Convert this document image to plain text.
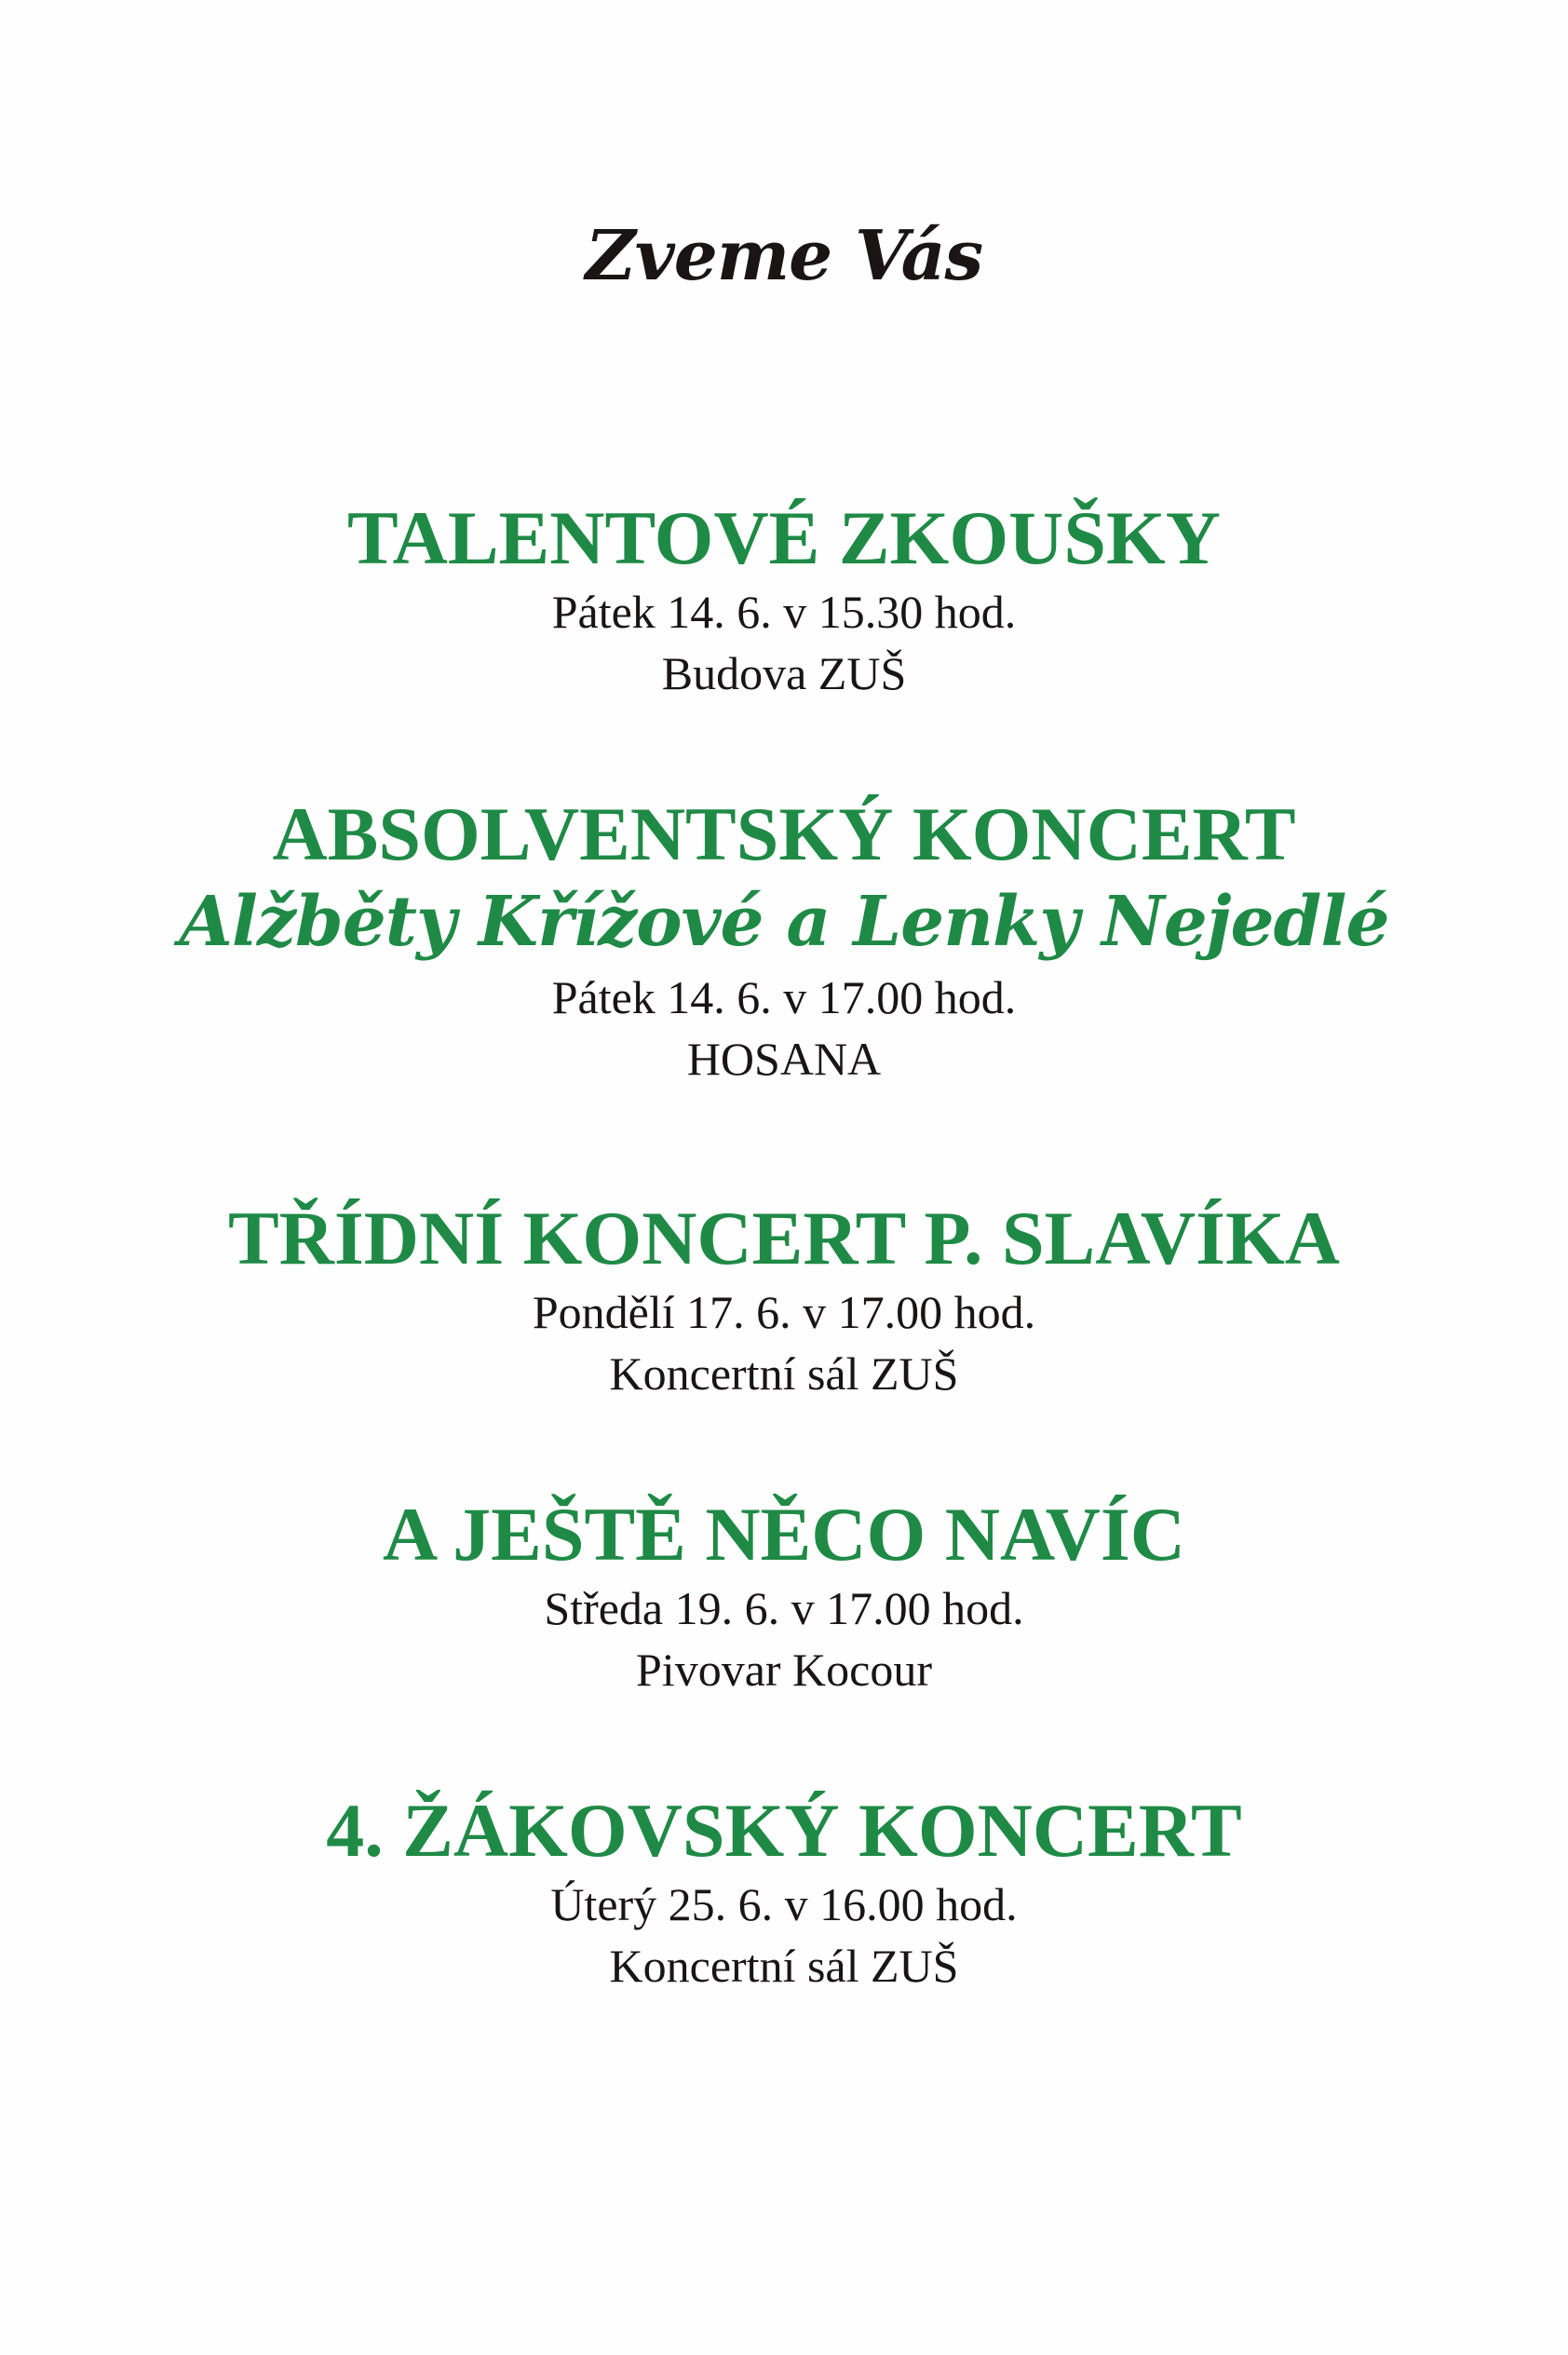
Zveme Vás
TALENTOVÉ ZKOUŠKY
Pátek 14. 6. v 15.30 hod.
Budova ZUŠ
ABSOLVENTSKÝ KONCERT
Alžběty Křížové a Lenky Nejedlé
Pátek 14. 6. v 17.00 hod.
HOSANA
TŘÍDNÍ KONCERT P. SLAVÍKA
Pondělí 17. 6. v 17.00 hod.
Koncertní sál ZUŠ
A JEŠTĚ NĚCO NAVÍC
Středa 19. 6. v 17.00 hod.
Pivovar Kocour
4. ŽÁKOVSKÝ KONCERT
Úterý 25. 6. v 16.00 hod.
Koncertní sál ZUŠ
